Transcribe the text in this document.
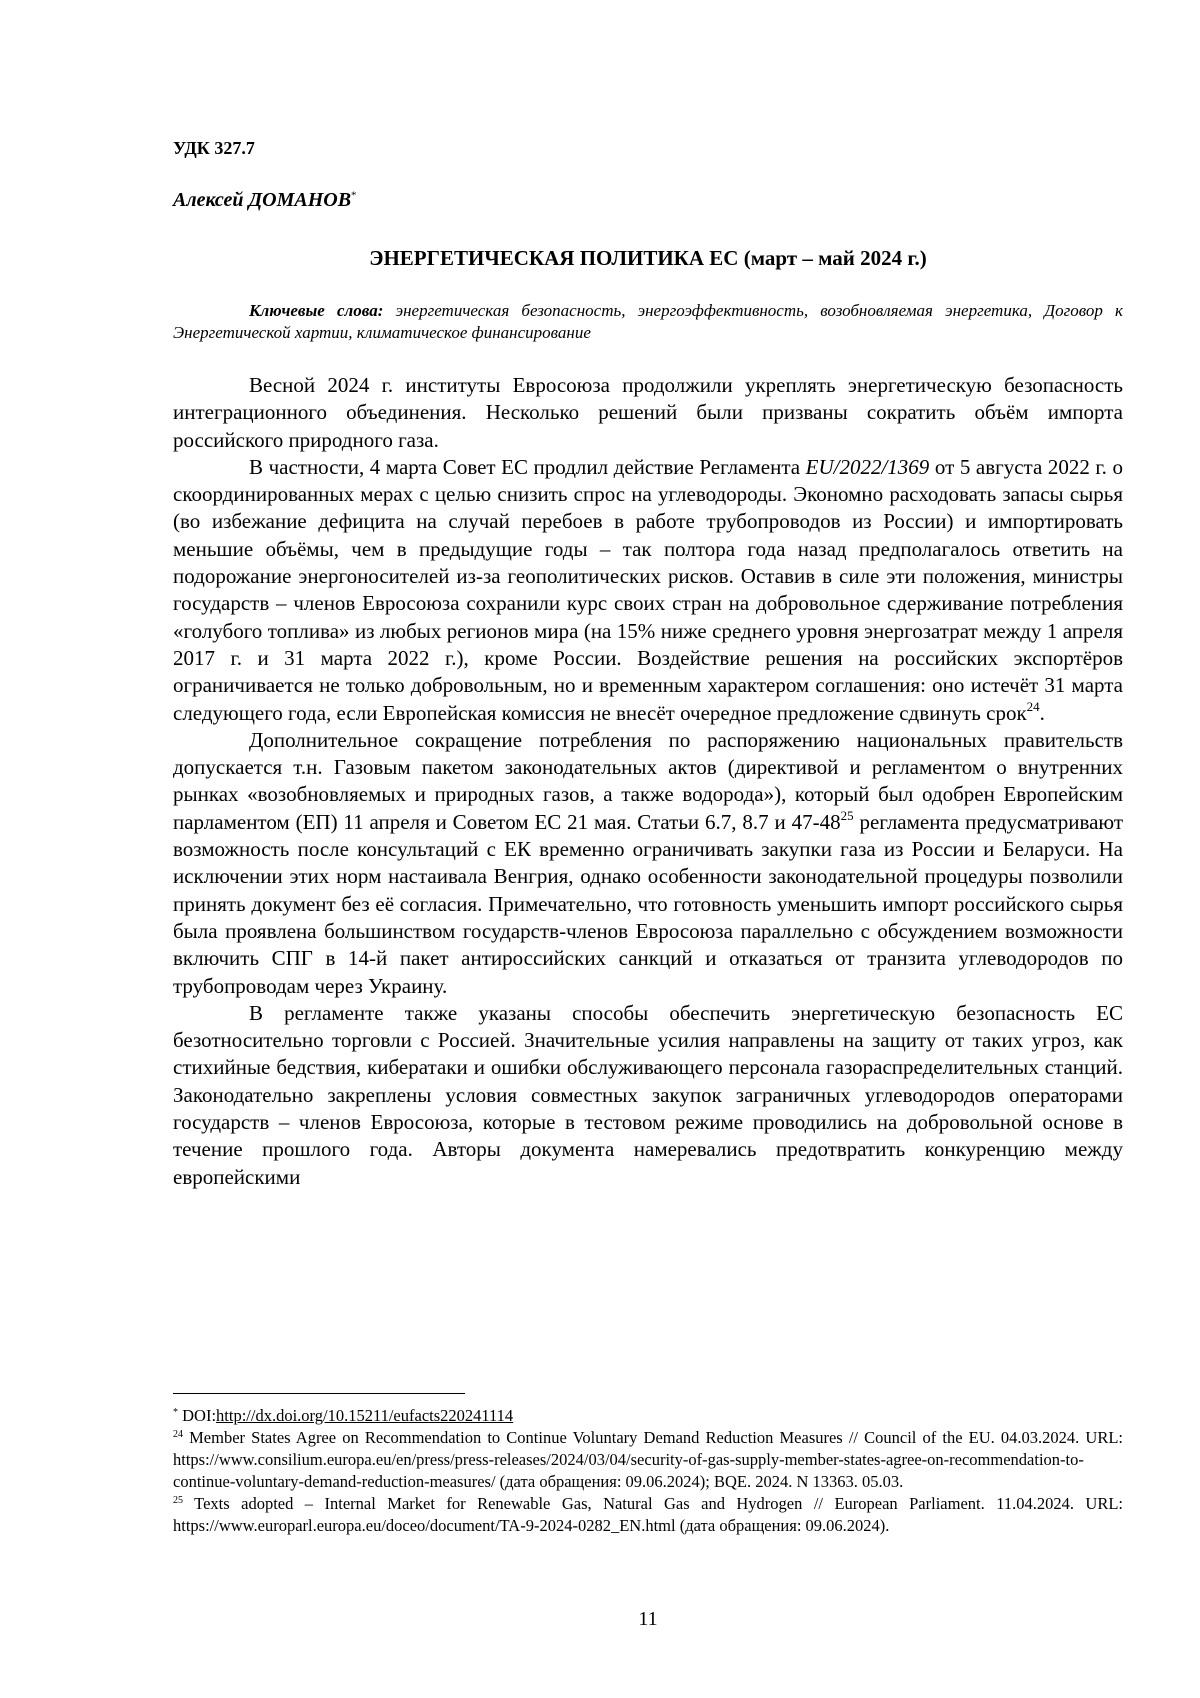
УДК 327.7
Алексей ДОМАНОВ*
ЭНЕРГЕТИЧЕСКАЯ ПОЛИТИКА ЕС (март – май 2024 г.)
Ключевые слова: энергетическая безопасность, энергоэффективность, возобновляемая энергетика, Договор к Энергетической хартии, климатическое финансирование

Весной 2024 г. институты Евросоюза продолжили укреплять энергетическую безопасность интеграционного объединения. Несколько решений были призваны сократить объём импорта российского природного газа.

В частности, 4 марта Совет ЕС продлил действие Регламента EU/2022/1369 от 5 августа 2022 г. о скоординированных мерах с целью снизить спрос на углеводороды. Экономно расходовать запасы сырья (во избежание дефицита на случай перебоев в работе трубопроводов из России) и импортировать меньшие объёмы, чем в предыдущие годы – так полтора года назад предполагалось ответить на подорожание энергоносителей из-за геополитических рисков. Оставив в силе эти положения, министры государств – членов Евросоюза сохранили курс своих стран на добровольное сдерживание потребления «голубого топлива» из любых регионов мира (на 15% ниже среднего уровня энергозатрат между 1 апреля 2017 г. и 31 марта 2022 г.), кроме России. Воздействие решения на российских экспортёров ограничивается не только добровольным, но и временным характером соглашения: оно истечёт 31 марта следующего года, если Европейская комиссия не внесёт очередное предложение сдвинуть срок$^{24}$.

Дополнительное сокращение потребления по распоряжению национальных правительств допускается т.н. Газовым пакетом законодательных актов (директивой и регламентом о внутренних рынках «возобновляемых и природных газов, а также водорода»), который был одобрен Европейским парламентом (ЕП) 11 апреля и Советом ЕС 21 мая. Статьи 6.7, 8.7 и $47-48^{25}$ регламента предусматривают возможность после консультаций с ЕК временно ограничивать закупки газа из России и Беларуси. На исключении этих норм настаивала Венгрия, однако особенности законодательной процедуры позволили принять документ без её согласия. Примечательно, что готовность уменьшить импорт российского сырья была проявлена большинством государств-членов Евросоюза параллельно с обсуждением возможности включить СПГ в 14-й пакет антироссийских санкций и отказаться от транзита углеводородов по трубопроводам через Украину.

В регламенте также указаны способы обеспечить энергетическую безопасность ЕС безотносительно торговли с Россией. Значительные усилия направлены на защиту от таких угроз, как стихийные бедствия, кибератаки и ошибки обслуживающего персонала газораспределительных станций. Законодательно закреплены условия совместных закупок заграничных углеводородов операторами государств – членов Евросоюза, которые в тестовом режиме проводились на добровольной основе в течение прошлого года. Авторы документа намеревались предотвратить конкуренцию между европейскими

* DOI:http://dx.doi.org/10.15211/eufacts220241114

$^{24}$ Member States Agree on Recommendation to Continue Voluntary Demand Reduction Measures // Council of the EU. 04.03.2024. URL: https://www.consilium.europa.eu/en/press/press-releases/2024/03/04/security-of-gas-supply-member-states-agree-on-recommendation-to-continue-voluntary-demand-reduction-measures/ (дата обращения: 09.06.2024); BQE. 2024. N 13363. 05.03.

$^{25}$ Texts adopted – Internal Market for Renewable Gas, Natural Gas and Hydrogen // European Parliament. 11.04.2024. URL: https://www.europarl.europa.eu/doceo/document/TA-9-2024-0282_EN.html (дата обращения: 09.06.2024).

11
